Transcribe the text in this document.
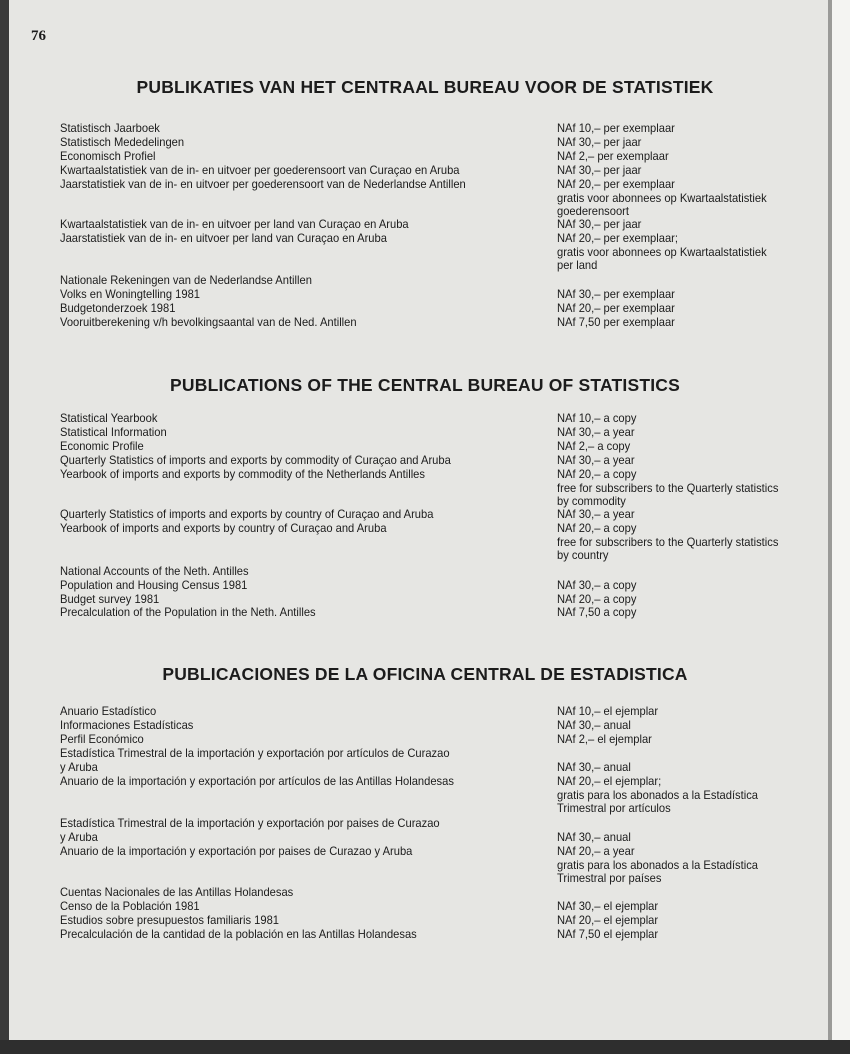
76
PUBLIKATIES VAN HET CENTRAAL BUREAU VOOR DE STATISTIEK
Statistisch Jaarboek	NAf 10,– per exemplaar
Statistisch Mededelingen	NAf 30,– per jaar
Economisch Profiel	NAf 2,– per exemplaar
Kwartaalstatistiek van de in- en uitvoer per goederensoort van Curaçao en Aruba	NAf 30,– per jaar
Jaarstatistiek van de in- en uitvoer per goederensoort van de Nederlandse Antillen	NAf 20,– per exemplaar
gratis voor abonnees op Kwartaalstatistiek
goederensoort
Kwartaalstatistiek van de in- en uitvoer per land van Curaçao en Aruba	NAf 30,– per jaar
Jaarstatistiek van de in- en uitvoer per land van Curaçao en Aruba	NAf 20,– per exemplaar;
gratis voor abonnees op Kwartaalstatistiek
per land
Nationale Rekeningen van de Nederlandse Antillen
Volks en Woningtelling 1981	NAf 30,– per exemplaar
Budgetonderzoek 1981	NAf 20,– per exemplaar
Vooruitberekening v/h bevolkingsaantal van de Ned. Antillen	NAf 7,50 per exemplaar
PUBLICATIONS OF THE CENTRAL BUREAU OF STATISTICS
Statistical Yearbook	NAf 10,– a copy
Statistical Information	NAf 30,– a year
Economic Profile	NAf 2,– a copy
Quarterly Statistics of imports and exports by commodity of Curaçao and Aruba	NAf 30,– a year
Yearbook of imports and exports by commodity of the Netherlands Antilles	NAf 20,– a copy
free for subscribers to the Quarterly statistics
by commodity
Quarterly Statistics of imports and exports by country of Curaçao and Aruba	NAf 30,– a year
Yearbook of imports and exports by country of Curaçao and Aruba	NAf 20,– a copy
free for subscribers to the Quarterly statistics
by country
National Accounts of the Neth. Antilles
Population and Housing Census 1981	NAf 30,– a copy
Budget survey 1981	NAf 20,– a copy
Precalculation of the Population in the Neth. Antilles	NAf 7,50 a copy
PUBLICACIONES DE LA OFICINA CENTRAL DE ESTADISTICA
Anuario Estadístico	NAf 10,– el ejemplar
Informaciones Estadísticas	NAf 30,– anual
Perfil Económico	NAf 2,– el ejemplar
Estadística Trimestral de la importación y exportación por artículos de Curazao
y Aruba	NAf 30,– anual
Anuario de la importación y exportación por artículos de las Antillas Holandesas	NAf 20,– el ejemplar;
gratis para los abonados a la Estadística
Trimestral por artículos
Estadística Trimestral de la importación y exportación por paises de Curazao
y Aruba	NAf 30,– anual
Anuario de la importación y exportación por paises de Curazao y Aruba	NAf 20,– a year
gratis para los abonados a la Estadística
Trimestral por países
Cuentas Nacionales de las Antillas Holandesas
Censo de la Población 1981	NAf 30,– el ejemplar
Estudios sobre presupuestos familiaris 1981	NAf 20,– el ejemplar
Precalculación de la cantidad de la población en las Antillas Holandesas	NAf 7,50 el ejemplar
